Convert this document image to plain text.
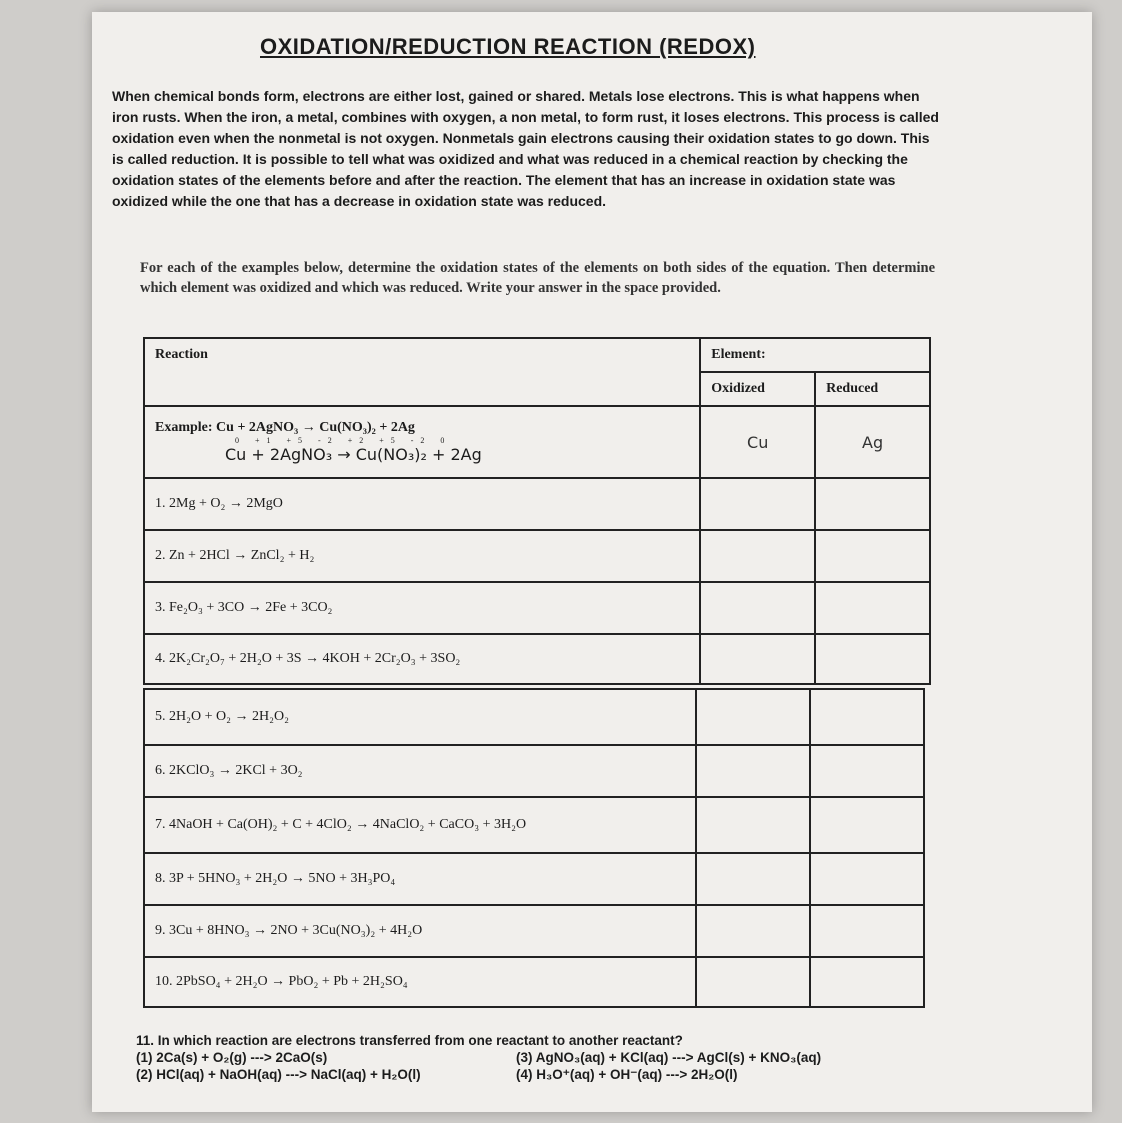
OXIDATION/REDUCTION REACTION (REDOX)
When chemical bonds form, electrons are either lost, gained or shared. Metals lose electrons. This is what happens when iron rusts. When the iron, a metal, combines with oxygen, a non metal, to form rust, it loses electrons. This process is called oxidation even when the nonmetal is not oxygen. Nonmetals gain electrons causing their oxidation states to go down. This is called reduction. It is possible to tell what was oxidized and what was reduced in a chemical reaction by checking the oxidation states of the elements before and after the reaction. The element that has an increase in oxidation state was oxidized while the one that has a decrease in oxidation state was reduced.
For each of the examples below, determine the oxidation states of the elements on both sides of the equation. Then determine which element was oxidized and which was reduced. Write your answer in the space provided.
Reaction	Element:	
	Oxidized	Reduced

Example: Cu + 2AgNO₃ → Cu(NO₃)₂ + 2Ag
0 +1 +5 -2 +2 +5 -2 0
Cu + 2AgNO₃ → Cu(NO₃)₂ + 2Ag	Cu	Ag
1. 2Mg + O₂ → 2MgO		
2. Zn + 2HCl → ZnCl₂ + H₂		
3. Fe₂O₃ + 3CO → 2Fe + 3CO₂		
4. 2K₂Cr₂O₇ + 2H₂O + 3S → 4KOH + 2Cr₂O₃ + 3SO₂		
5. 2H₂O + O₂ → 2H₂O₂		
6. 2KClO₃ → 2KCl + 3O₂		
7. 4NaOH + Ca(OH)₂ + C + 4ClO₂ → 4NaClO₂ + CaCO₃ + 3H₂O		
8. 3P + 5HNO₃ + 2H₂O → 5NO + 3H₃PO₄		
9. 3Cu + 8HNO₃ → 2NO + 3Cu(NO₃)₂ + 4H₂O		
10. 2PbSO₄ + 2H₂O → PbO₂ + Pb + 2H₂SO₄		
11. In which reaction are electrons transferred from one reactant to another reactant?
(1) 2Ca(s) + O₂(g) ---> 2CaO(s)	(3) AgNO₃(aq) + KCl(aq) ---> AgCl(s) + KNO₃(aq)
(2) HCl(aq) + NaOH(aq) ---> NaCl(aq) + H₂O(l)	(4) H₃O⁺(aq) + OH⁻(aq) ---> 2H₂O(l)
